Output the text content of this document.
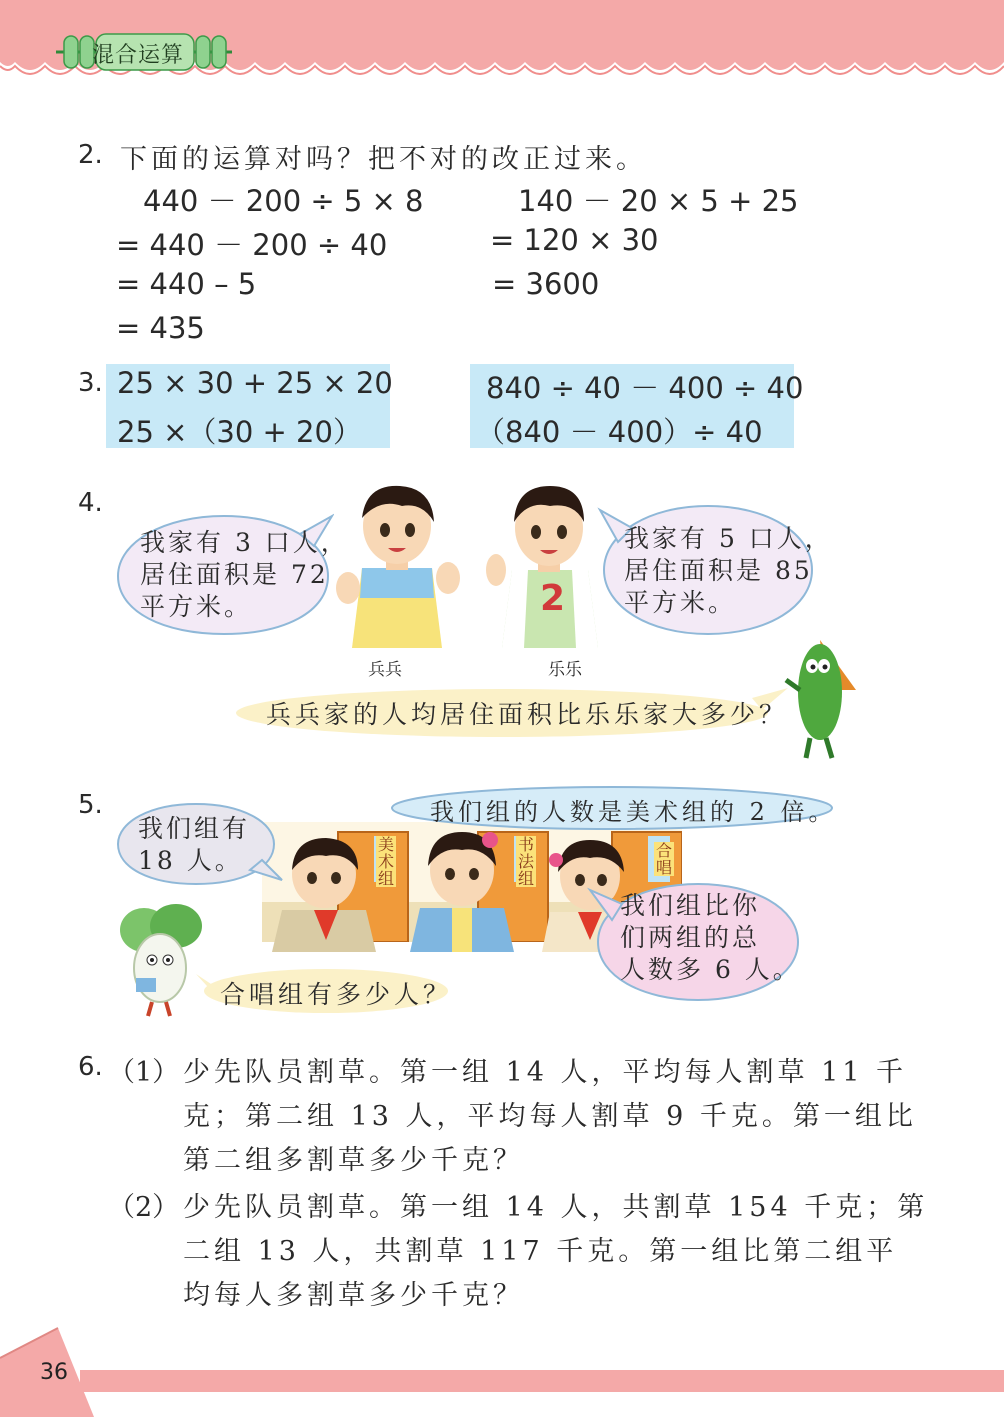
混合运算
2. 下面的运算对吗？把不对的改正过来。
440 － 200 ÷ 5 × 8
= 440 － 200 ÷ 40
= 440 – 5
= 435
140 － 20 × 5 + 25
= 120 × 30
= 3600
3. 25 × 30 + 25 × 20
25 ×（30 + 20）
840 ÷ 40 － 400 ÷ 40
（840 － 400）÷ 40
4.
我家有 3 口人，
居住面积是 72
平方米。
兵兵
2
乐乐
我家有 5 口人，
居住面积是 85
平方米。
兵兵家的人均居住面积比乐乐家大多少？
5.
美术组
书法组
合唱
我们组的人数是美术组的 2 倍。
我们组有
18 人。
我们组比你
们两组的总
人数多 6 人。
合唱组有多少人？
6. （1） 少先队员割草。第一组 14 人，平均每人割草 11 千
克；第二组 13 人，平均每人割草 9 千克。第一组比
第二组多割草多少千克？
（2） 少先队员割草。第一组 14 人，共割草 154 千克；第
二组 13 人，共割草 117 千克。第一组比第二组平
均每人多割草多少千克？
36
